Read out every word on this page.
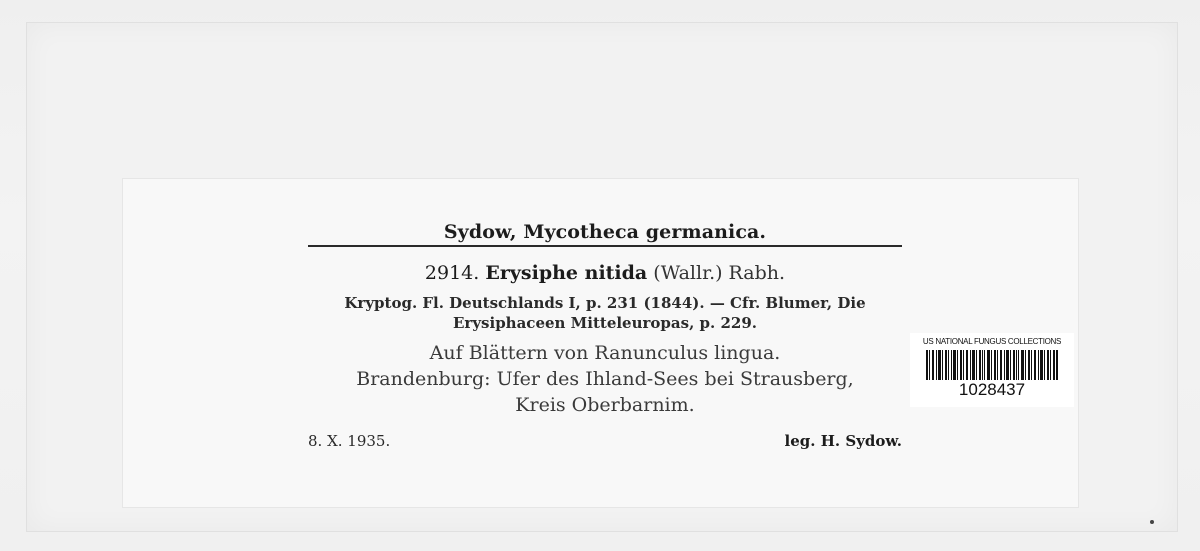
Sydow, Mycotheca germanica.
2914. Erysiphe nitida (Wallr.) Rabh.
Kryptog. Fl. Deutschlands I, p. 231 (1844). — Cfr. Blumer, Die
Erysiphaceen Mitteleuropas, p. 229.
Auf Blättern von Ranunculus lingua.
Brandenburg: Ufer des Ihland-Sees bei Strausberg,
Kreis Oberbarnim.
8. X. 1935.	leg. H. Sydow.
US NATIONAL FUNGUS COLLECTIONS
1028437
